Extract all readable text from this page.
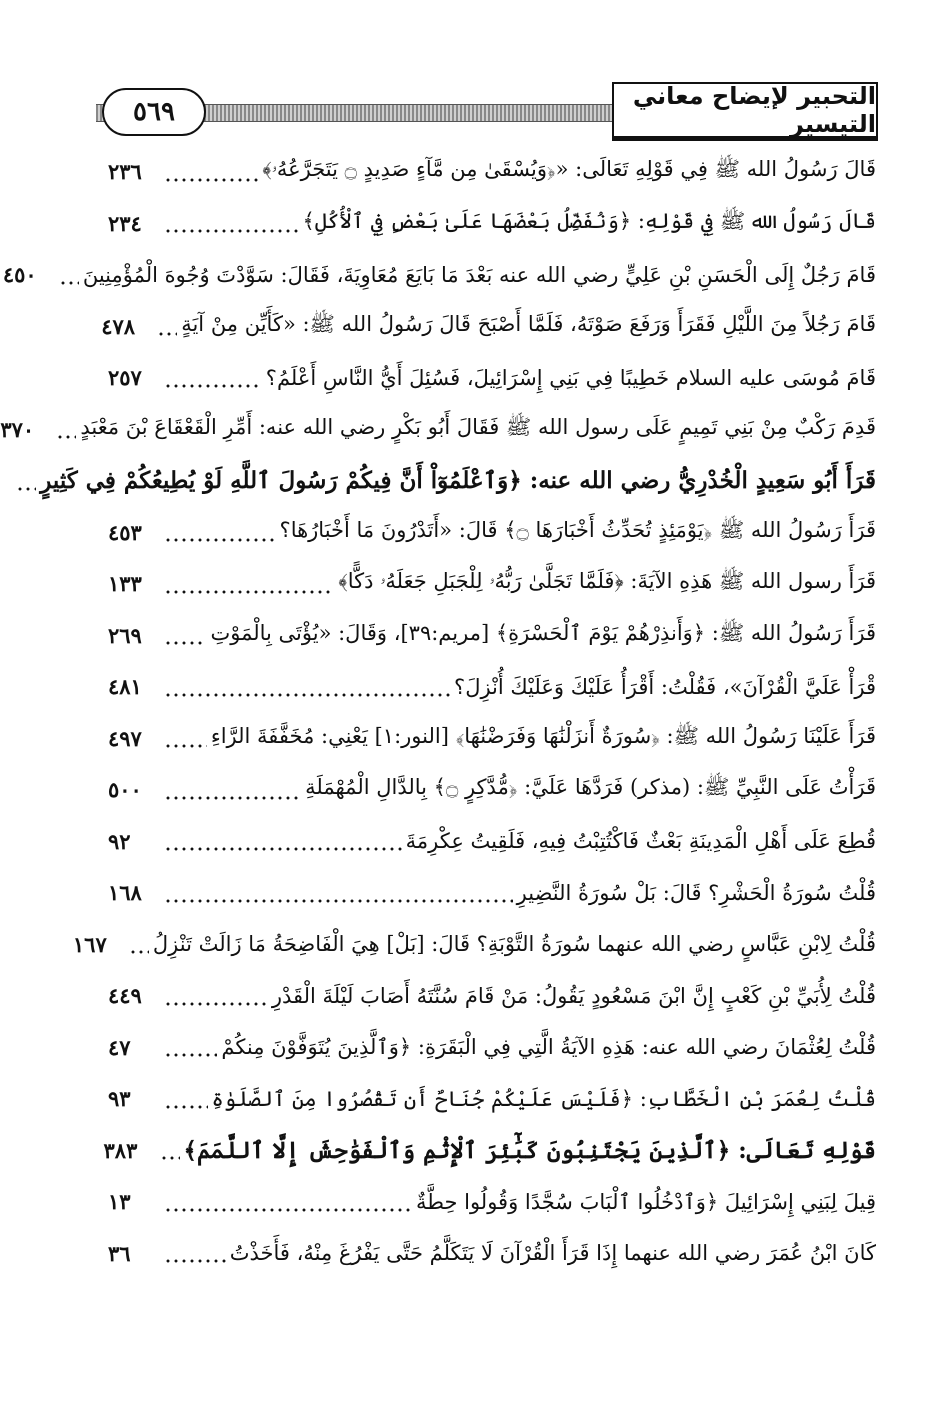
٥٦٩
التحبير لإيضاح معاني التيسير
قَالَ رَسُولُ الله ﷺ فِي قَوْلِهِ تَعَالَى: «﴿وَيُسْقَىٰ مِن مَّآءٍ صَدِيدٍ ۝ يَتَجَرَّعُهُۥ﴾
٢٣٦
قَالَ رَسُولُ الله ﷺ فِي قَوْلِهِ: ﴿وَنُفَضِّلُ بَعْضَهَا عَلَىٰ بَعْضٍ فِي ٱلْأُكُلِ﴾
٢٣٤
قَامَ رَجُلٌ إِلَى الْحَسَنِ بْنِ عَلِيٍّ رضي الله عنه بَعْدَ مَا بَايَعَ مُعَاوِيَةَ، فَقَالَ: سَوَّدْتَ وُجُوهَ الْمُؤْمِنِينَ
٤٥٠
قَامَ رَجُلاً مِنَ اللَّيْلِ فَقَرَأَ وَرَفَعَ صَوْتَهُ، فَلَمَّا أَصْبَحَ قَالَ رَسُولُ الله ﷺ: «كَأَيِّن مِنْ آيَةٍ
٤٧٨
قَامَ مُوسَى عليه السلام خَطِيبًا فِي بَنِي إِسْرَائِيلَ، فَسُئِلَ أَيُّ النَّاسِ أَعْلَمُ؟
٢٥٧
قَدِمَ رَكْبٌ مِنْ بَنِي تَمِيمٍ عَلَى رسول الله ﷺ فَقَالَ أَبُو بَكْرٍ رضي الله عنه: أَمِّرِ الْقَعْقَاعَ بْنَ مَعْبَدٍ
٣٧٠
قَرَأَ أَبُو سَعِيدٍ الْخُدْرِيُّ رضي الله عنه: ﴿وَٱعْلَمُوٓاْ أَنَّ فِيكُمْ رَسُولَ ٱللَّهِ لَوْ يُطِيعُكُمْ فِي كَثِيرٍ
قَرَأَ رَسُولُ الله ﷺ ﴿يَوْمَئِذٍ تُحَدِّثُ أَخْبَارَهَا ۝﴾ قَالَ: «أَتَدْرُونَ مَا أَخْبَارُهَا؟
٤٥٣
قَرَأَ رسول الله ﷺ هَذِهِ الآيَةَ: ﴿فَلَمَّا تَجَلَّىٰ رَبُّهُۥ لِلْجَبَلِ جَعَلَهُۥ دَكًّا﴾
١٣٣
قَرَأَ رَسُولُ الله ﷺ: ﴿وَأَنذِرْهُمْ يَوْمَ ٱلْحَسْرَةِ﴾ [مريم:٣٩]، وَقَالَ: «يُؤْتَى بِالْمَوْتِ
٢٦٩
قْرَأْ عَلَيَّ الْقُرْآنَ»، فَقُلْتُ: أَقْرَأُ عَلَيْكَ وَعَلَيْكَ أُنْزِلَ؟
٤٨١
قَرَأَ عَلَيْنَا رَسُولُ الله ﷺ: ﴿سُورَةٌ أَنزَلْنَٰهَا وَفَرَضْنَٰهَا﴾ [النور:١] يَعْنِي: مُخَفَّفَةَ الرَّاءِ
٤٩٧
قَرَأْتُ عَلَى النَّبِيِّ ﷺ: (مذكر) فَرَدَّهَا عَلَيَّ: ﴿مُّدَّكِرٍ ۝﴾ بِالدَّالِ الْمُهْمَلَةِ
٥٠٠
قُطِعَ عَلَى أَهْلِ الْمَدِينَةِ بَعْثٌ فَاكْتُتِبْتُ فِيهِ، فَلَقِيتُ عِكْرِمَةَ
٩٢
قُلْتُ سُورَةُ الْحَشْرِ؟ قَالَ: بَلْ سُورَةُ النَّضِيرِ
١٦٨
قُلْتُ لِابْنِ عَبَّاسٍ رضي الله عنهما سُورَةُ التَّوْبَةِ؟ قَالَ: [بَلْ] هِيَ الْفَاضِحَةُ مَا زَالَتْ تَنْزِلُ
١٦٧
قُلْتُ لِأُبَيِّ بْنِ كَعْبٍ إِنَّ ابْنَ مَسْعُودٍ يَقُولُ: مَنْ قَامَ سُنَّتَهُ أَصَابَ لَيْلَةَ الْقَدْرِ
٤٤٩
قُلْتُ لِعُثْمَانَ رضي الله عنه: هَذِهِ الآيَةُ الَّتِي فِي الْبَقَرَةِ: ﴿وَٱلَّذِينَ يُتَوَفَّوْنَ مِنكُمْ
٤٧
قُلْتُ لِعُمَرَ بْنِ الْخَطَّابِ: ﴿فَلَيْسَ عَلَيْكُمْ جُنَاحٌ أَن تَقْصُرُوا مِنَ ٱلصَّلَوٰةِ
٩٣
قَوْلِهِ تَعَالَى: ﴿ٱلَّذِينَ يَجْتَنِبُونَ كَبَٰٓئِرَ ٱلْإِثْمِ وَٱلْفَوَٰحِشَ إِلَّا ٱللَّمَمَ﴾
٣٨٣
قِيلَ لِبَنِي إِسْرَائِيلَ ﴿وَٱدْخُلُوا ٱلْبَابَ سُجَّدًا وَقُولُوا حِطَّةٌ
١٣
كَانَ ابْنُ عُمَرَ رضي الله عنهما إِذَا قَرَأَ الْقُرْآنَ لَا يَتَكَلَّمُ حَتَّى يَفْرُغَ مِنْهُ، فَأَخَذْتُ
٣٦
